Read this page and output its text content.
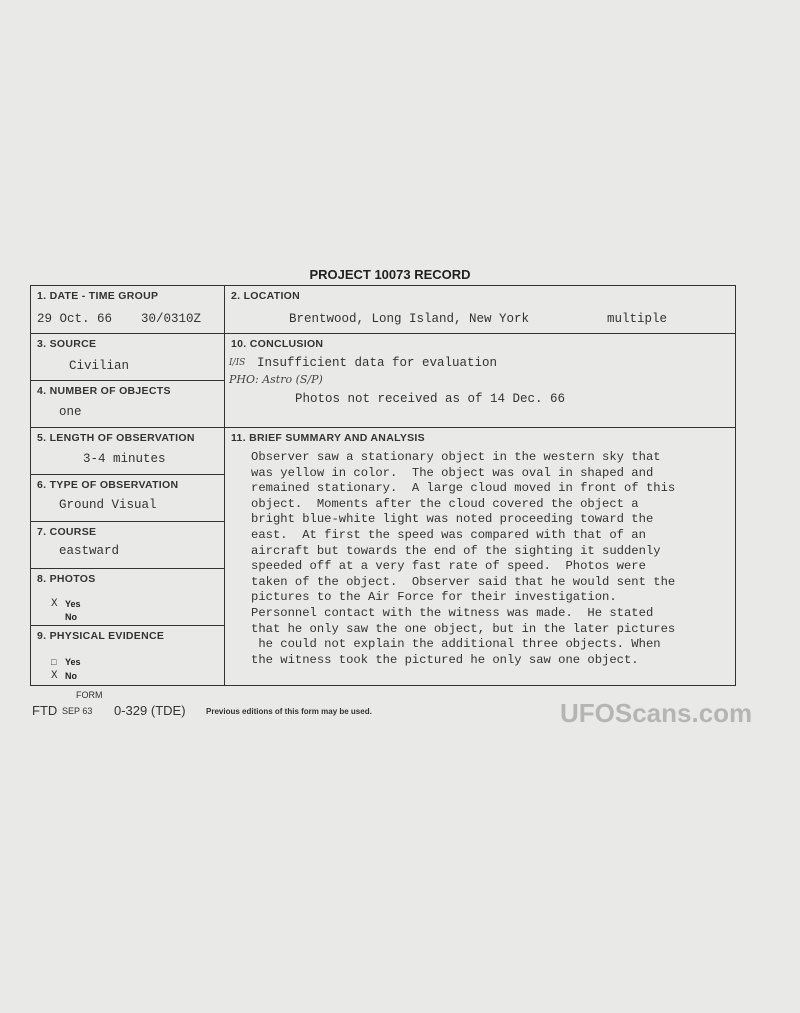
PROJECT 10073 RECORD
1. DATE - TIME GROUP
29 Oct. 66 30/0310Z
2. LOCATION
Brentwood, Long Island, New York	multiple
3. SOURCE
Civilian
4. NUMBER OF OBJECTS
one
10. CONCLUSION
I/IS Insufficient data for evaluation
PHO: Astro (S/P)
Photos not received as of 14 Dec. 66
5. LENGTH OF OBSERVATION
3-4 minutes
6. TYPE OF OBSERVATION
Ground Visual
7. COURSE
eastward
8. PHOTOS
X Yes
No
9. PHYSICAL EVIDENCE
□ Yes
X No
11. BRIEF SUMMARY AND ANALYSIS
Observer saw a stationary object in the western sky that
was yellow in color.  The object was oval in shaped and
remained stationary.  A large cloud moved in front of this
object.  Moments after the cloud covered the object a
bright blue-white light was noted proceeding toward the
east.  At first the speed was compared with that of an
aircraft but towards the end of the sighting it suddenly
speeded off at a very fast rate of speed.  Photos were
taken of the object.  Observer said that he would sent the
pictures to the Air Force for their investigation.
Personnel contact with the witness was made.  He stated
that he only saw the one object, but in the later pictures
he could not explain the additional three objects. When
the witness took the pictured he only saw one object.
UFOScans.com
FORM
FTD SEP 63 0-329 (TDE)	Previous editions of this form may be used.
